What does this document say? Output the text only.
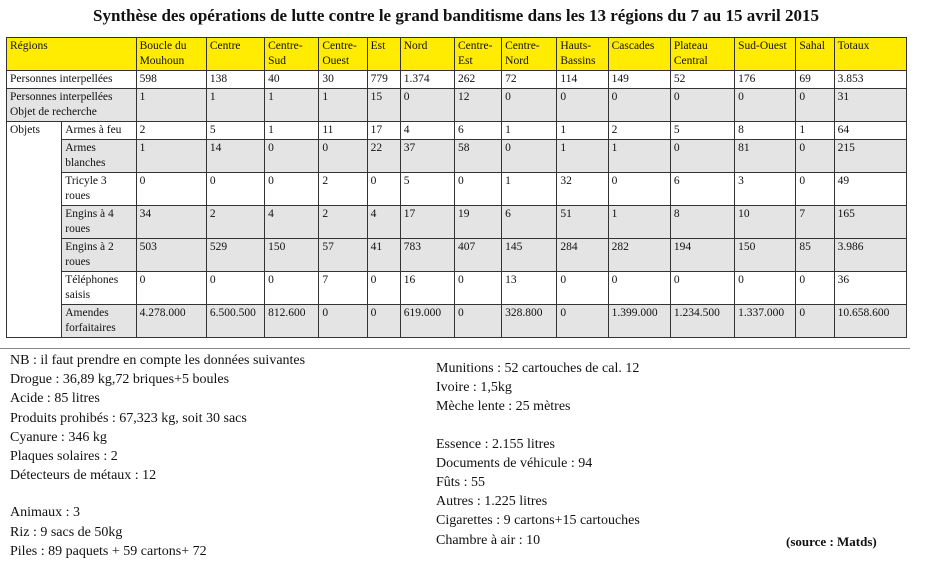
Synthèse des opérations de lutte contre le grand banditisme dans les 13 régions du 7 au 15 avril 2015
Régions		Boucle du Mouhoun	Centre	Centre-Sud	Centre-Ouest	Est	Nord	Centre-Est	Centre-Nord	Hauts-Bassins	Cascades	Plateau Central	Sud-Ouest	Sahal	Totaux
Personnes interpellées		598	138	40	30	779	1.374	262	72	114	149	52	176	69	3.853
Personnes interpellées Objet de recherche		1	1	1	1	15	0	12	0	0	0	0	0	0	31
Objets	Armes à feu	2	5	1	11	17	4	6	1	1	2	5	8	1	64
	Armes blanches	1	14	0	0	22	37	58	0	1	1	0	81	0	215
	Tricyle 3 roues	0	0	0	2	0	5	0	1	32	0	6	3	0	49
	Engins à 4 roues	34	2	4	2	4	17	19	6	51	1	8	10	7	165
	Engins à 2 roues	503	529	150	57	41	783	407	145	284	282	194	150	85	3.986
	Téléphones saisis	0	0	0	7	0	16	0	13	0	0	0	0	0	36
	Amendes forfaitaires	4.278.000	6.500.500	812.600	0	0	619.000	0	328.800	0	1.399.000	1.234.500	1.337.000	0	10.658.600
NB : il faut prendre en compte les données suivantes
Drogue : 36,89 kg,72 briques+5 boules
Acide : 85 litres
Produits prohibés : 67,323 kg, soit 30 sacs
Cyanure : 346 kg
Plaques solaires : 2
Détecteurs de métaux : 12
Animaux : 3
Riz : 9 sacs de 50kg
Piles : 89 paquets + 59 cartons+ 72
Munitions : 52 cartouches de cal. 12
Ivoire : 1,5kg
Mèche lente : 25 mètres
Essence : 2.155 litres
Documents de véhicule : 94
Fûts : 55
Autres : 1.225 litres
Cigarettes : 9 cartons+15 cartouches
Chambre à air : 10	(source : Matds)
